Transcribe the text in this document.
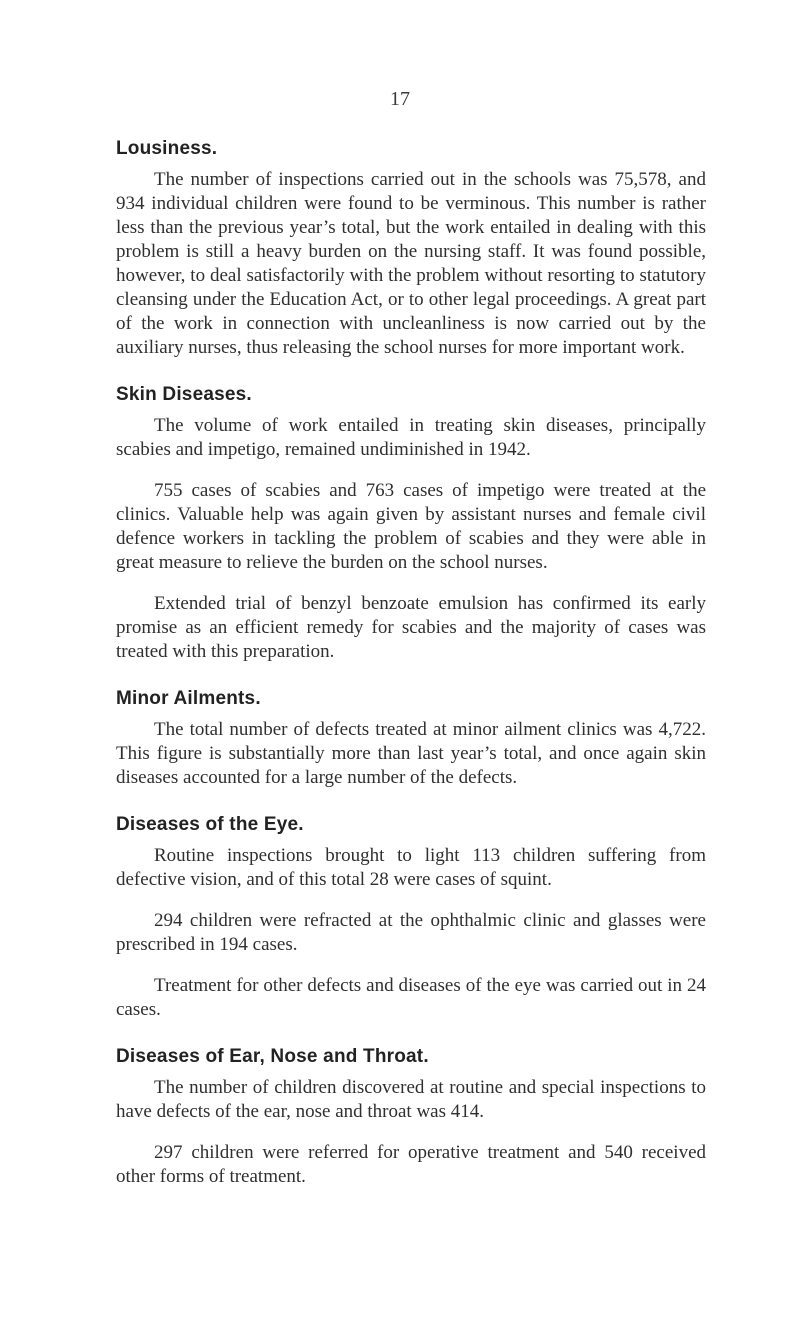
17
Lousiness.

The number of inspections carried out in the schools was 75,578, and 934 individual children were found to be verminous. This number is rather less than the previous year’s total, but the work entailed in dealing with this problem is still a heavy burden on the nursing staff. It was found possible, however, to deal satisfactorily with the problem without resorting to statutory cleansing under the Education Act, or to other legal proceedings. A great part of the work in connection with uncleanliness is now carried out by the auxiliary nurses, thus releasing the school nurses for more important work.

Skin Diseases.

The volume of work entailed in treating skin diseases, principally scabies and impetigo, remained undiminished in 1942.

755 cases of scabies and 763 cases of impetigo were treated at the clinics. Valuable help was again given by assistant nurses and female civil defence workers in tackling the problem of scabies and they were able in great measure to relieve the burden on the school nurses.

Extended trial of benzyl benzoate emulsion has confirmed its early promise as an efficient remedy for scabies and the majority of cases was treated with this preparation.

Minor Ailments.

The total number of defects treated at minor ailment clinics was 4,722. This figure is substantially more than last year’s total, and once again skin diseases accounted for a large number of the defects.

Diseases of the Eye.

Routine inspections brought to light 113 children suffering from defective vision, and of this total 28 were cases of squint.

294 children were refracted at the ophthalmic clinic and glasses were prescribed in 194 cases.

Treatment for other defects and diseases of the eye was carried out in 24 cases.

Diseases of Ear, Nose and Throat.

The number of children discovered at routine and special inspections to have defects of the ear, nose and throat was 414.

297 children were referred for operative treatment and 540 received other forms of treatment.
